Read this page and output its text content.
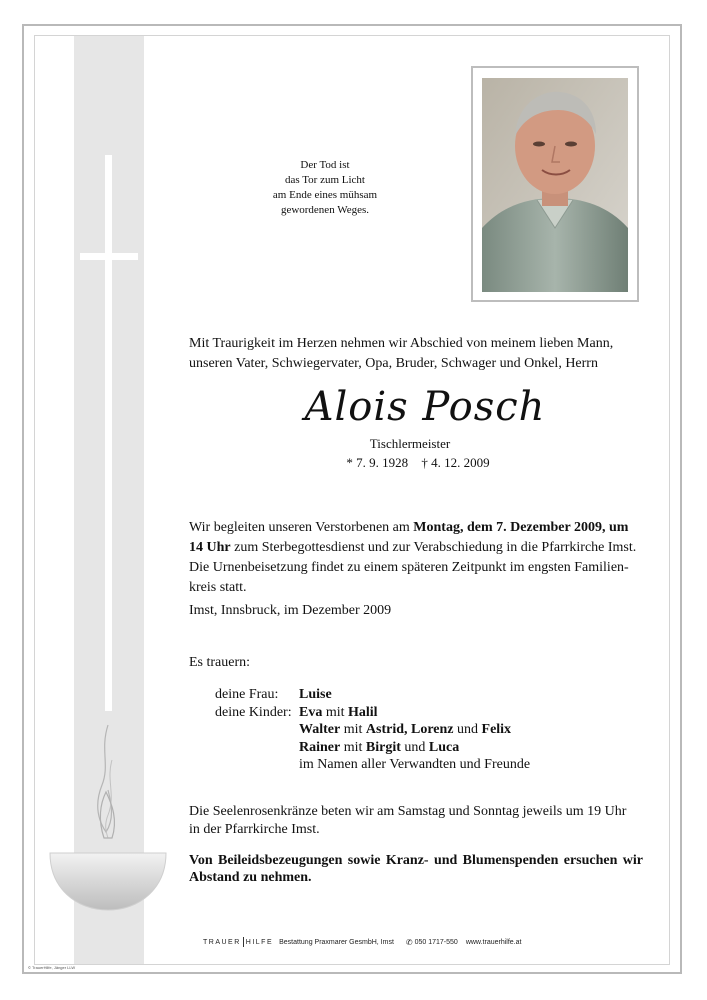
Der Tod ist
das Tor zum Licht
am Ende eines mühsam
gewordenen Weges.
Mit Traurigkeit im Herzen nehmen wir Abschied von meinem lieben Mann,
unseren Vater, Schwiegervater, Opa, Bruder, Schwager und Onkel, Herrn
Alois Posch
Tischlermeister
* 7. 9. 1928 † 4. 12. 2009
Wir begleiten unseren Verstorbenen am Montag, dem 7. Dezember 2009, um
14 Uhr zum Sterbegottesdienst und zur Verabschiedung in die Pfarrkirche Imst.
Die Urnenbeisetzung findet zu einem späteren Zeitpunkt im engsten Familien-
kreis statt.
Imst, Innsbruck, im Dezember 2009
Es trauern:
deine Frau:	Luise
deine Kinder: Eva mit Halil
Walter mit Astrid, Lorenz und Felix
Rainer mit Birgit und Luca
im Namen aller Verwandten und Freunde
Die Seelenrosenkränze beten wir am Samstag und Sonntag jeweils um 19 Uhr
in der Pfarrkirche Imst.
Von Beileidsbezeugungen sowie Kranz- und Blumenspenden ersuchen wir
Abstand zu nehmen.
TRAUER HILFE Bestattung Praxmarer GesmbH, Imst ✆ 050 1717-550 www.trauerhilfe.at
© TrauerHilfe, Jänger LLW
